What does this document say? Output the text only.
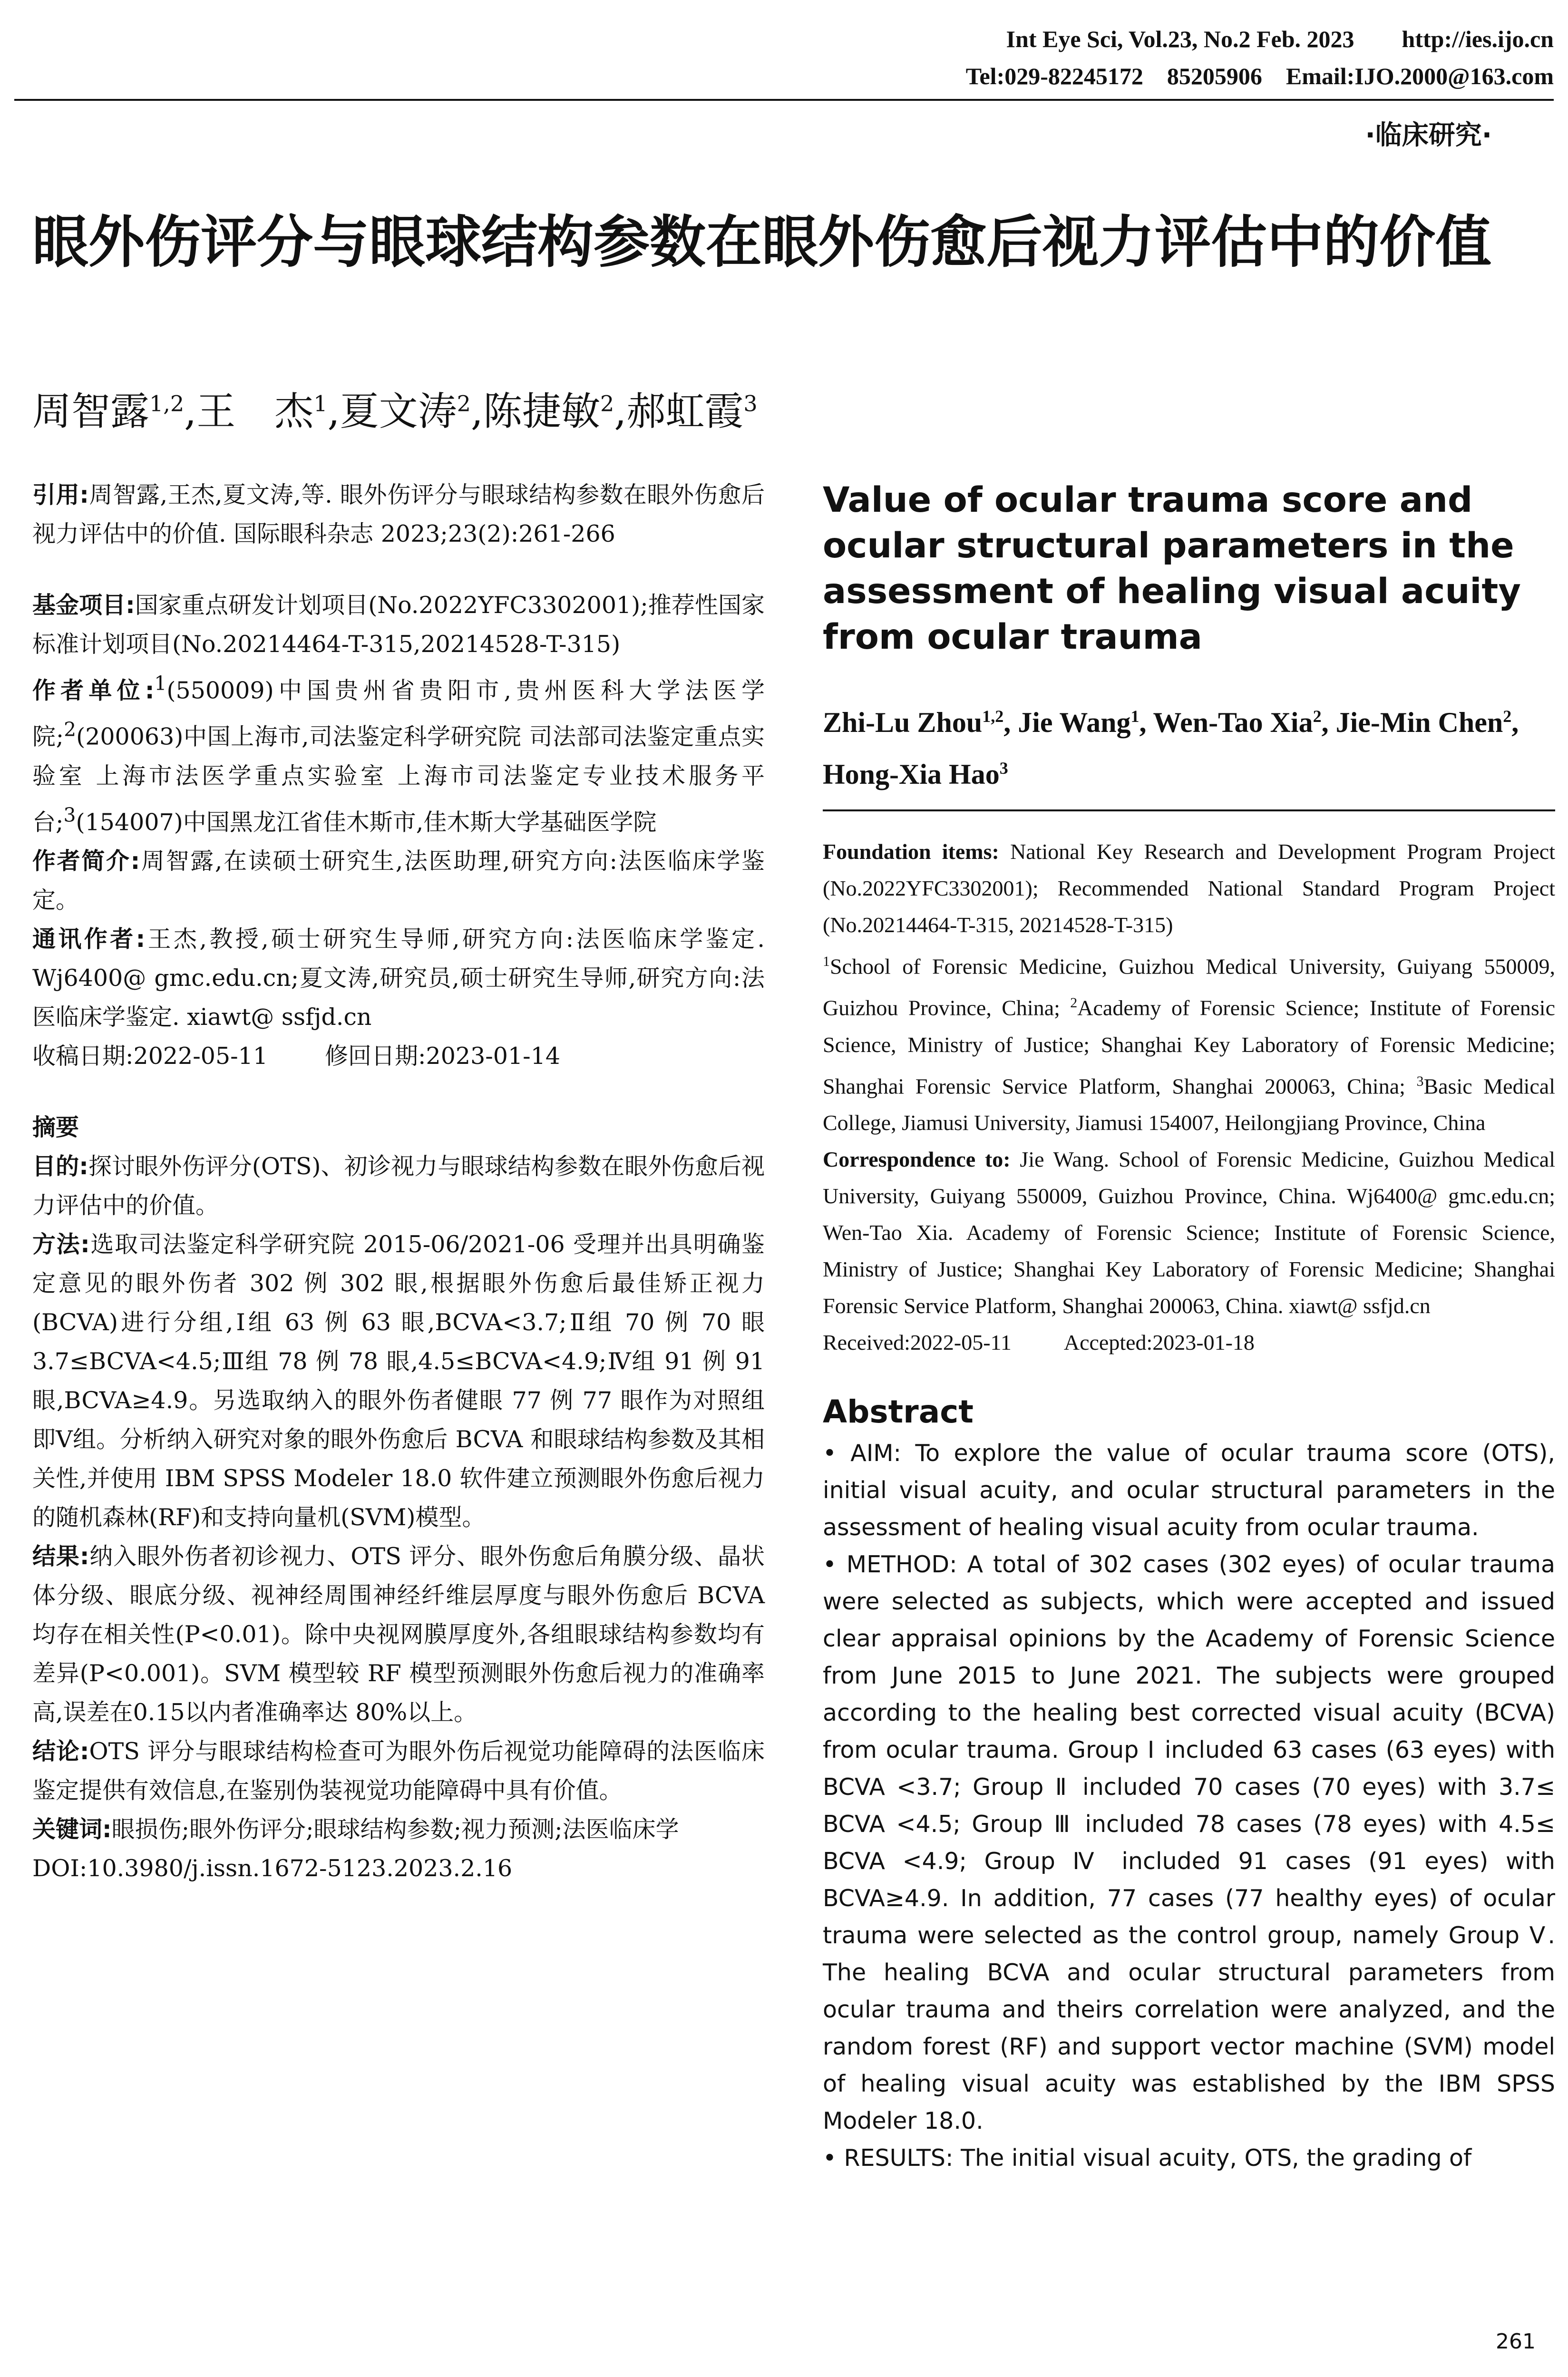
Int Eye Sci, Vol.23, No.2 Feb. 2023        http://ies.ijo.cn
Tel:029-82245172    85205906    Email:IJO.2000@163.com
·临床研究·
眼外伤评分与眼球结构参数在眼外伤愈后视力评估中的价值
周智露$^{1,2}$,王　杰$^1$,夏文涛$^2$,陈捷敏$^2$,郝虹霞$^3$
引用:周智露,王杰,夏文涛,等. 眼外伤评分与眼球结构参数在眼外伤愈后视力评估中的价值. 国际眼科杂志 2023;23(2):261-266
基金项目:国家重点研发计划项目(No.2022YFC3302001);推荐性国家标准计划项目(No.20214464-T-315,20214528-T-315)
作者单位:$^1$(550009)中国贵州省贵阳市,贵州医科大学法医学院;$^2$(200063)中国上海市,司法鉴定科学研究院 司法部司法鉴定重点实验室 上海市法医学重点实验室 上海市司法鉴定专业技术服务平台;$^3$(154007)中国黑龙江省佳木斯市,佳木斯大学基础医学院
作者简介:周智露,在读硕士研究生,法医助理,研究方向:法医临床学鉴定。
通讯作者:王杰,教授,硕士研究生导师,研究方向:法医临床学鉴定. Wj6400@ gmc.edu.cn;夏文涛,研究员,硕士研究生导师,研究方向:法医临床学鉴定. xiawt@ ssfjd.cn
收稿日期:2022-05-11 修回日期:2023-01-14
摘要
目的:探讨眼外伤评分(OTS)、初诊视力与眼球结构参数在眼外伤愈后视力评估中的价值。
方法:选取司法鉴定科学研究院 2015-06/2021-06 受理并出具明确鉴定意见的眼外伤者 302 例 302 眼,根据眼外伤愈后最佳矫正视力(BCVA)进行分组,Ⅰ组 63 例 63 眼,BCVA<3.7;Ⅱ组 70 例 70 眼 3.7≤BCVA<4.5;Ⅲ组 78 例 78 眼,4.5≤BCVA<4.9;Ⅳ组 91 例 91 眼,BCVA≥4.9。另选取纳入的眼外伤者健眼 77 例 77 眼作为对照组即Ⅴ组。分析纳入研究对象的眼外伤愈后 BCVA 和眼球结构参数及其相关性,并使用 IBM SPSS Modeler 18.0 软件建立预测眼外伤愈后视力的随机森林(RF)和支持向量机(SVM)模型。
结果:纳入眼外伤者初诊视力、OTS 评分、眼外伤愈后角膜分级、晶状体分级、眼底分级、视神经周围神经纤维层厚度与眼外伤愈后 BCVA 均存在相关性(P<0.01)。除中央视网膜厚度外,各组眼球结构参数均有差异(P<0.001)。SVM 模型较 RF 模型预测眼外伤愈后视力的准确率高,误差在0.15以内者准确率达 80%以上。
结论:OTS 评分与眼球结构检查可为眼外伤后视觉功能障碍的法医临床鉴定提供有效信息,在鉴别伪装视觉功能障碍中具有价值。
关键词:眼损伤;眼外伤评分;眼球结构参数;视力预测;法医临床学
DOI:10.3980/j.issn.1672-5123.2023.2.16
Value of ocular trauma score and ocular structural parameters in the assessment of healing visual acuity from ocular trauma
Zhi-Lu Zhou$^{1,2}$, Jie Wang$^1$, Wen-Tao Xia$^2$, Jie-Min Chen$^2$, Hong-Xia Hao$^3$
Foundation items: National Key Research and Development Program Project (No.2022YFC3302001); Recommended National Standard Program Project (No.20214464-T-315, 20214528-T-315)
$^1$School of Forensic Medicine, Guizhou Medical University, Guiyang 550009, Guizhou Province, China; $^2$Academy of Forensic Science; Institute of Forensic Science, Ministry of Justice; Shanghai Key Laboratory of Forensic Medicine; Shanghai Forensic Service Platform, Shanghai 200063, China; $^3$Basic Medical College, Jiamusi University, Jiamusi 154007, Heilongjiang Province, China
Correspondence to: Jie Wang. School of Forensic Medicine, Guizhou Medical University, Guiyang 550009, Guizhou Province, China. Wj6400@ gmc.edu.cn; Wen-Tao Xia. Academy of Forensic Science; Institute of Forensic Science, Ministry of Justice; Shanghai Key Laboratory of Forensic Medicine; Shanghai Forensic Service Platform, Shanghai 200063, China. xiawt@ ssfjd.cn
Received:2022-05-11 Accepted:2023-01-18
Abstract
• AIM: To explore the value of ocular trauma score (OTS), initial visual acuity, and ocular structural parameters in the assessment of healing visual acuity from ocular trauma.
• METHOD: A total of 302 cases (302 eyes) of ocular trauma were selected as subjects, which were accepted and issued clear appraisal opinions by the Academy of Forensic Science from June 2015 to June 2021. The subjects were grouped according to the healing best corrected visual acuity (BCVA) from ocular trauma. Group Ⅰ included 63 cases (63 eyes) with BCVA <3.7; Group Ⅱ included 70 cases (70 eyes) with 3.7≤ BCVA <4.5; Group Ⅲ included 78 cases (78 eyes) with 4.5≤ BCVA <4.9; Group Ⅳ included 91 cases (91 eyes) with BCVA≥4.9. In addition, 77 cases (77 healthy eyes) of ocular trauma were selected as the control group, namely Group Ⅴ. The healing BCVA and ocular structural parameters from ocular trauma and theirs correlation were analyzed, and the random forest (RF) and support vector machine (SVM) model of healing visual acuity was established by the IBM SPSS Modeler 18.0.
• RESULTS: The initial visual acuity, OTS, the grading of
261
